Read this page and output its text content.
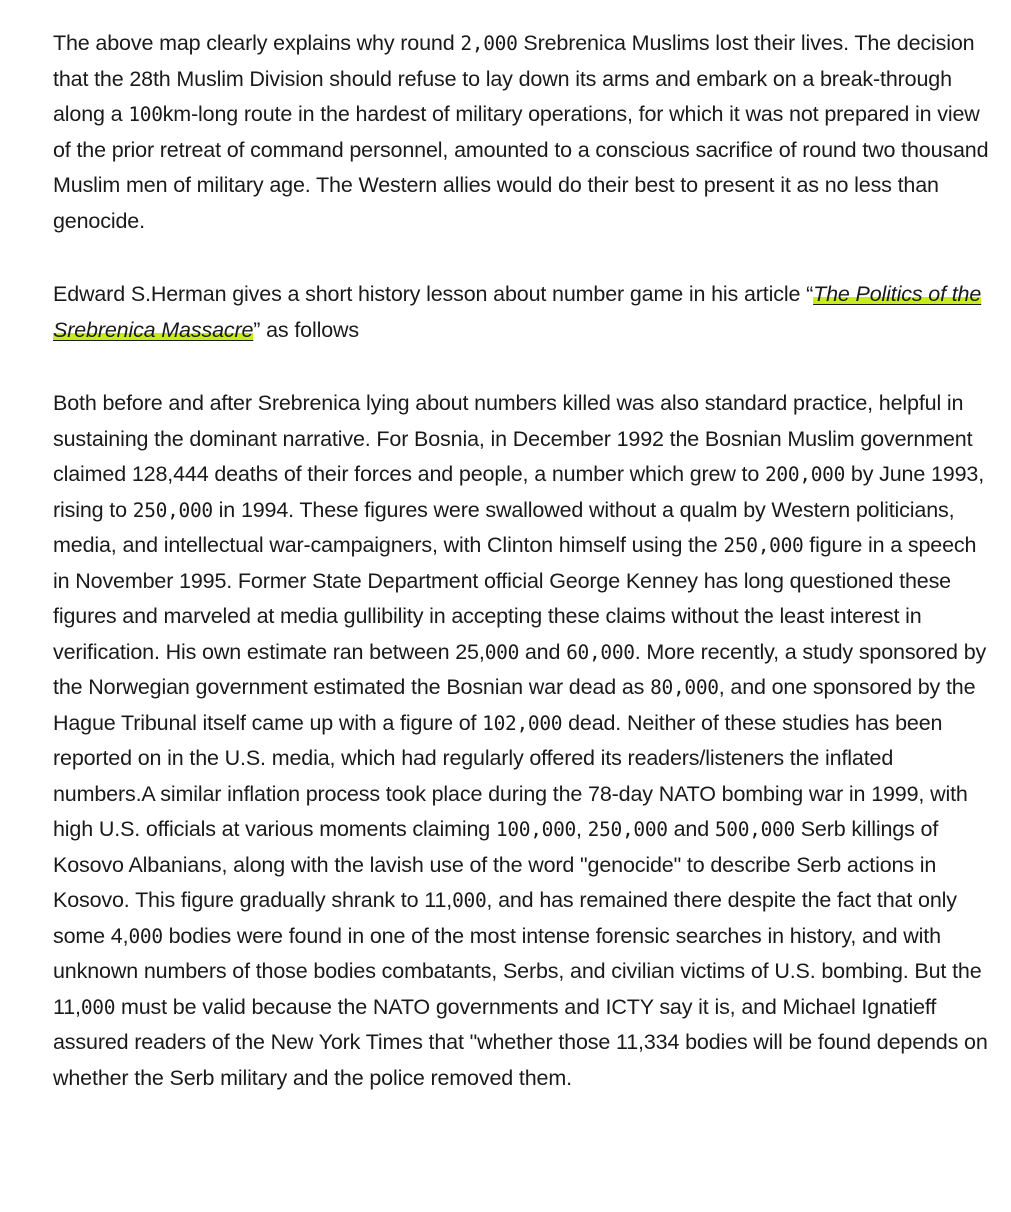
The above map clearly explains why round 2,000 Srebrenica Muslims lost their lives. The decision that the 28th Muslim Division should refuse to lay down its arms and embark on a break-through along a 100km-long route in the hardest of military operations, for which it was not prepared in view of the prior retreat of command personnel, amounted to a conscious sacrifice of round two thousand Muslim men of military age. The Western allies would do their best to present it as no less than genocide.

Edward S.Herman gives a short history lesson about number game in his article “The Politics of the Srebrenica Massacre” as follows

Both before and after Srebrenica lying about numbers killed was also standard practice, helpful in sustaining the dominant narrative. For Bosnia, in December 1992 the Bosnian Muslim government claimed 128,444 deaths of their forces and people, a number which grew to 200,000 by June 1993, rising to 250,000 in 1994. These figures were swallowed without a qualm by Western politicians, media, and intellectual war-campaigners, with Clinton himself using the 250,000 figure in a speech in November 1995. Former State Department official George Kenney has long questioned these figures and marveled at media gullibility in accepting these claims without the least interest in verification. His own estimate ran between 25,000 and 60,000. More recently, a study sponsored by the Norwegian government estimated the Bosnian war dead as 80,000, and one sponsored by the Hague Tribunal itself came up with a figure of 102,000 dead. Neither of these studies has been reported on in the U.S. media, which had regularly offered its readers/listeners the inflated numbers.A similar inflation process took place during the 78-day NATO bombing war in 1999, with high U.S. officials at various moments claiming 100,000, 250,000 and 500,000 Serb killings of Kosovo Albanians, along with the lavish use of the word "genocide" to describe Serb actions in Kosovo. This figure gradually shrank to 11,000, and has remained there despite the fact that only some 4,000 bodies were found in one of the most intense forensic searches in history, and with unknown numbers of those bodies combatants, Serbs, and civilian victims of U.S. bombing. But the 11,000 must be valid because the NATO governments and ICTY say it is, and Michael Ignatieff assured readers of the New York Times that "whether those 11,334 bodies will be found depends on whether the Serb military and the police removed them.
